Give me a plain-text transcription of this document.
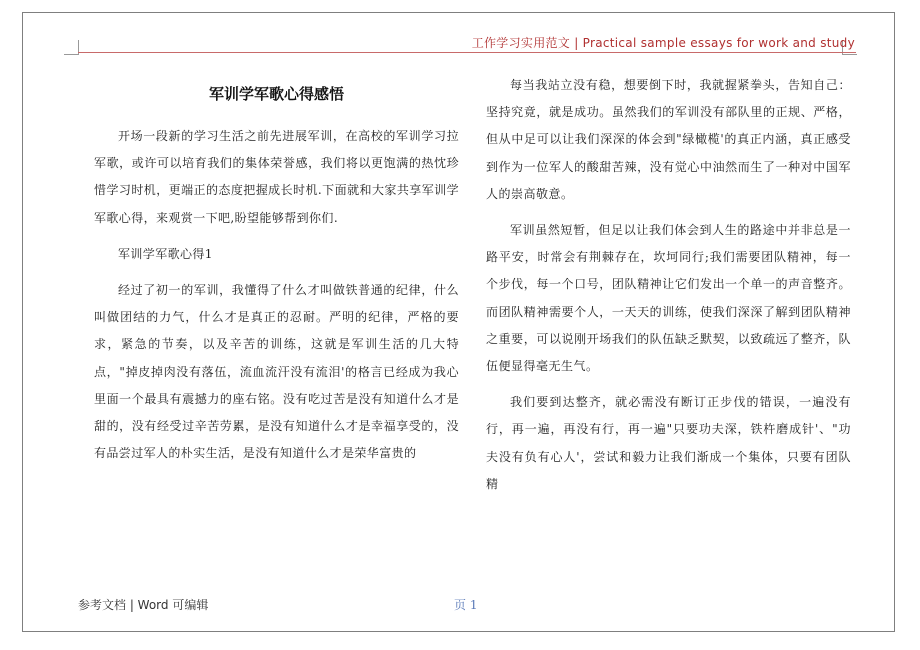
工作学习实用范文 | Practical sample essays for work and study
军训学军歌心得感悟

开场一段新的学习生活之前先进展军训，在高校的军训学习拉军歌，或许可以培育我们的集体荣誉感，我们将以更饱满的热忱珍惜学习时机，更端正的态度把握成长时机.下面就和大家共享军训学军歌心得，来观赏一下吧,盼望能够帮到你们.

军训学军歌心得1

经过了初一的军训，我懂得了什么才叫做铁普通的纪律，什么叫做团结的力气，什么才是真正的忍耐。严明的纪律，严格的要求，紧急的节奏，以及辛苦的训练，这就是军训生活的几大特点，"掉皮掉肉没有落伍，流血流汗没有流泪'的格言已经成为我心里面一个最具有震撼力的座右铭。没有吃过苦是没有知道什么才是甜的，没有经受过辛苦劳累，是没有知道什么才是幸福享受的，没有品尝过军人的朴实生活，是没有知道什么才是荣华富贵的

每当我站立没有稳，想要倒下时，我就握紧拳头，告知自己：坚持究竟，就是成功。虽然我们的军训没有部队里的正规、严格，但从中足可以让我们深深的体会到"绿橄榄'的真正内涵，真正感受到作为一位军人的酸甜苦辣，没有觉心中油然而生了一种对中国军人的崇高敬意。

军训虽然短暂，但足以让我们体会到人生的路途中并非总是一路平安，时常会有荆棘存在，坎坷同行;我们需要团队精神，每一个步伐，每一个口号，团队精神让它们发出一个单一的声音整齐。而团队精神需要个人，一天天的训练，使我们深深了解到团队精神之重要，可以说刚开场我们的队伍缺乏默契，以致疏远了整齐，队伍便显得毫无生气。

我们要到达整齐，就必需没有断订正步伐的错误，一遍没有行，再一遍，再没有行，再一遍"只要功夫深，铁杵磨成针'、"功夫没有负有心人'，尝试和毅力让我们渐成一个集体，只要有团队精

参考文档 | Word 可编辑	页 1
